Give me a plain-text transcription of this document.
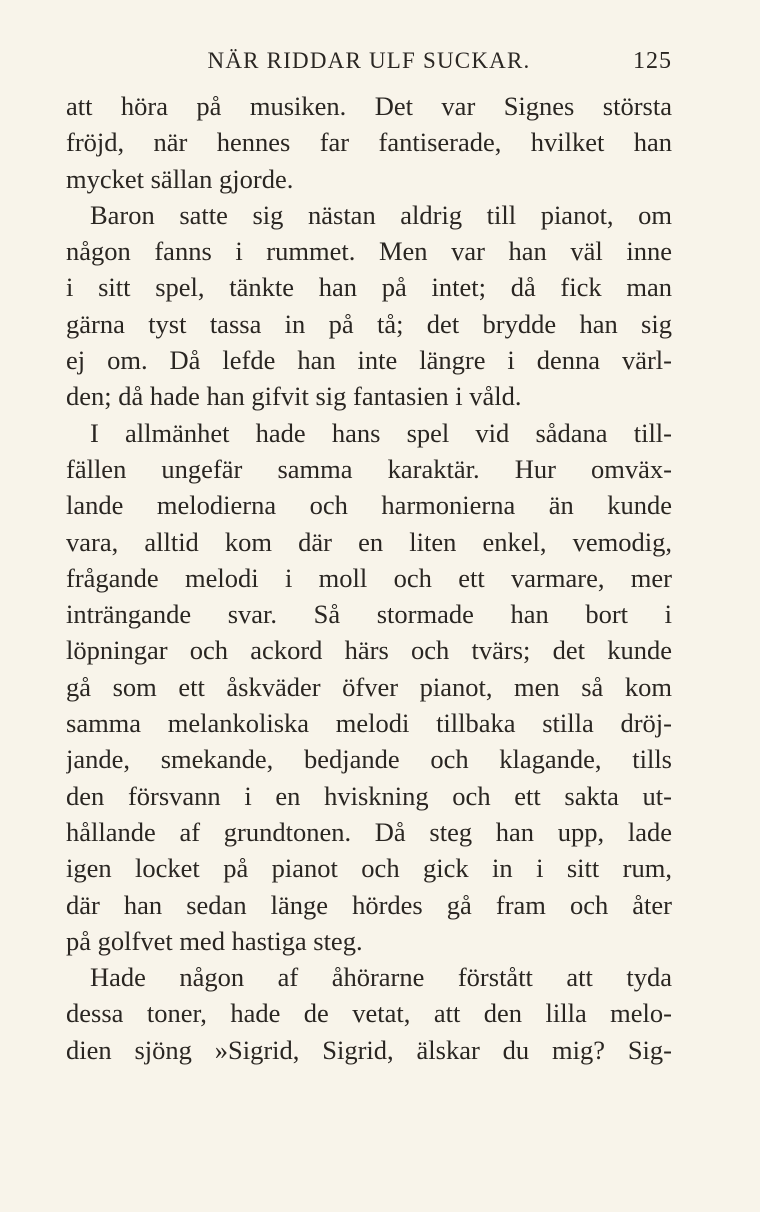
NÄR RIDDAR ULF SUCKAR.	125
att höra på musiken. Det var Signes största
fröjd, när hennes far fantiserade, hvilket han
mycket sällan gjorde.
Baron satte sig nästan aldrig till pianot, om
någon fanns i rummet. Men var han väl inne
i sitt spel, tänkte han på intet; då fick man
gärna tyst tassa in på tå; det brydde han sig
ej om. Då lefde han inte längre i denna värl-
den; då hade han gifvit sig fantasien i våld.
I allmänhet hade hans spel vid sådana till-
fällen ungefär samma karaktär. Hur omväx-
lande melodierna och harmonierna än kunde
vara, alltid kom där en liten enkel, vemodig,
frågande melodi i moll och ett varmare, mer
inträngande svar. Så stormade han bort i
löpningar och ackord härs och tvärs; det kunde
gå som ett åskväder öfver pianot, men så kom
samma melankoliska melodi tillbaka stilla dröj-
jande, smekande, bedjande och klagande, tills
den försvann i en hviskning och ett sakta ut-
hållande af grundtonen. Då steg han upp, lade
igen locket på pianot och gick in i sitt rum,
där han sedan länge hördes gå fram och åter
på golfvet med hastiga steg.
Hade någon af åhörarne förstått att tyda
dessa toner, hade de vetat, att den lilla melo-
dien sjöng »Sigrid, Sigrid, älskar du mig? Sig-
